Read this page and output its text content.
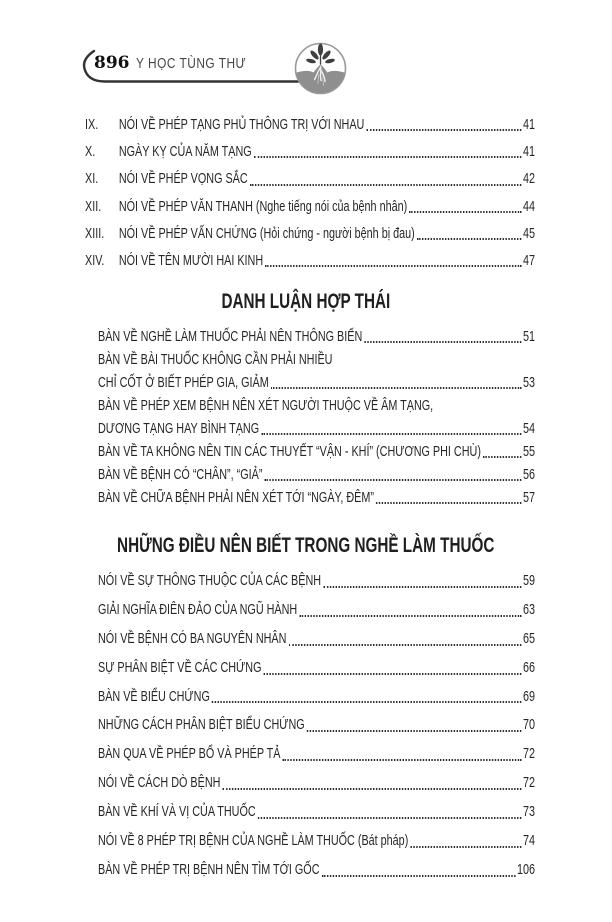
896 Y HỌC TÙNG THƯ
IX.	NÓI VỀ PHÉP TẠNG PHỦ THÔNG TRỊ VỚI NHAU	41
X.	NGÀY KỴ CỦA NĂM TẠNG	41
XI.	NÓI VỀ PHÉP VỌNG SẮC	42
XII.	NÓI VỀ PHÉP VĂN THANH (Nghe tiếng nói của bệnh nhân)	44
XIII. NÓI VỀ PHÉP VẤN CHỨNG (Hỏi chứng - người bệnh bị đau)	45
XIV. NÓI VỀ TÊN MƯỜI HAI KINH	47
DANH LUẬN HỢP THÁI
BÀN VỀ NGHỀ LÀM THUỐC PHẢI NÊN THÔNG BIẾN	51
BÀN VỀ BÀI THUỐC KHÔNG CẦN PHẢI NHIỀU
CHỈ CỐT Ở BIẾT PHÉP GIA, GIẢM	53
BÀN VỀ PHÉP XEM BỆNH NÊN XÉT NGƯỜI THUỘC VỀ ÂM TẠNG,
DƯƠNG TẠNG HAY BÌNH TẠNG	54
BÀN VỀ TA KHÔNG NÊN TIN CÁC THUYẾT “VẬN - KHÍ” (CHƯƠNG PHI CHÙ)	55
BÀN VỀ BỆNH CÓ “CHÂN”, “GIẢ”	56
BÀN VỀ CHỮA BỆNH PHẢI NÊN XÉT TỚI “NGÀY, ĐÊM”	57
NHỮNG ĐIỀU NÊN BIẾT TRONG NGHỀ LÀM THUỐC
NÓI VỀ SỰ THÔNG THUỘC CỦA CÁC BỆNH	59
GIẢI NGHĨA ĐIÊN ĐẢO CỦA NGŨ HÀNH	63
NÓI VỀ BỆNH CÓ BA NGUYÊN NHÂN	65
SỰ PHÂN BIỆT VỀ CÁC CHỨNG	66
BÀN VỀ BIỂU CHỨNG	69
NHỮNG CÁCH PHÂN BIỆT BIỂU CHỨNG	70
BÀN QUA VỀ PHÉP BỔ VÀ PHÉP TẢ	72
NÓI VỀ CÁCH DÒ BỆNH	72
BÀN VỀ KHÍ VÀ VỊ CỦA THUỐC	73
NÓI VỀ 8 PHÉP TRỊ BỆNH CỦA NGHỀ LÀM THUỐC (Bát pháp)	74
BÀN VỀ PHÉP TRỊ BỆNH NÊN TÌM TỚI GỐC	106
